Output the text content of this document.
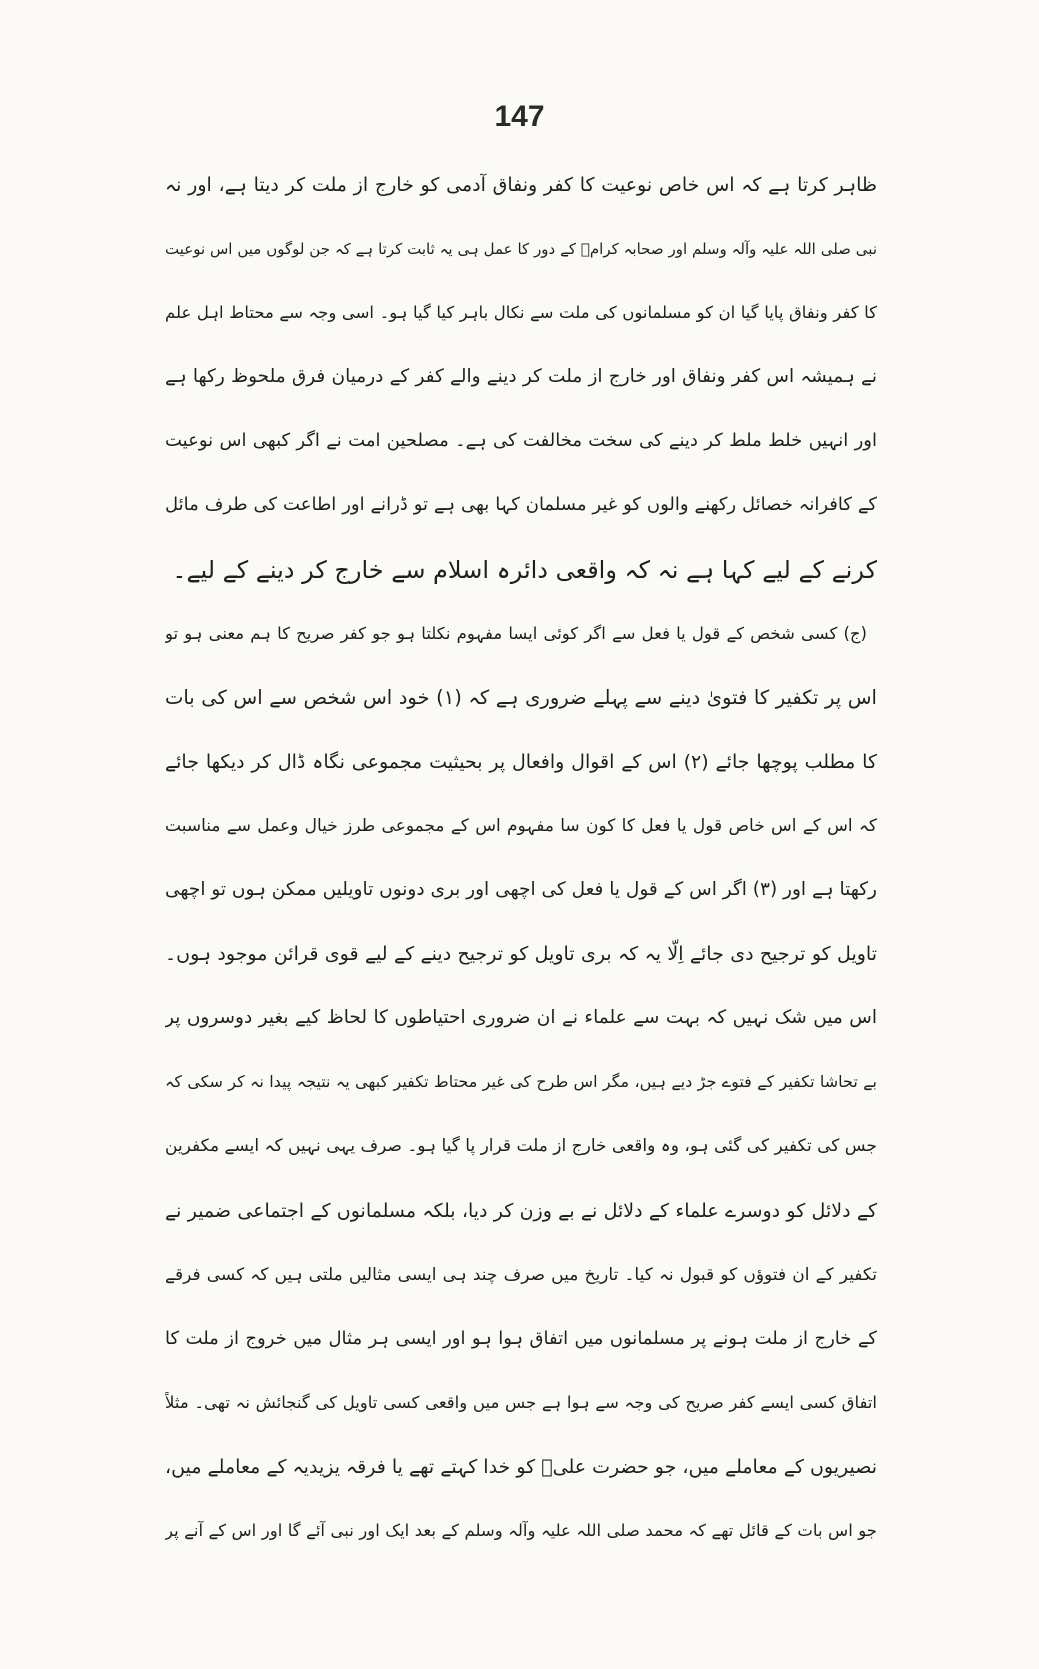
147
ظاہر کرتا ہے کہ اس خاص نوعیت کا کفر ونفاق آدمی کو خارج از ملت کر دیتا ہے، اور نہ
نبی صلی اللہ علیہ وآلہ وسلم اور صحابہ کرامؓ کے دور کا عمل ہی یہ ثابت کرتا ہے کہ جن لوگوں میں اس نوعیت
کا کفر ونفاق پایا گیا ان کو مسلمانوں کی ملت سے نکال باہر کیا گیا ہو۔ اسی وجہ سے محتاط اہل علم
نے ہمیشہ اس کفر ونفاق اور خارج از ملت کر دینے والے کفر کے درمیان فرق ملحوظ رکھا ہے
اور انہیں خلط ملط کر دینے کی سخت مخالفت کی ہے۔ مصلحین امت نے اگر کبھی اس نوعیت
کے کافرانہ خصائل رکھنے والوں کو غیر مسلمان کہا بھی ہے تو ڈرانے اور اطاعت کی طرف مائل
کرنے کے لیے کہا ہے نہ کہ واقعی دائرہ اسلام سے خارج کر دینے کے لیے۔
(ج) کسی شخص کے قول یا فعل سے اگر کوئی ایسا مفہوم نکلتا ہو جو کفر صریح کا ہم معنی ہو تو
اس پر تکفیر کا فتویٰ دینے سے پہلے ضروری ہے کہ (۱) خود اس شخص سے اس کی بات
کا مطلب پوچھا جائے (۲) اس کے اقوال وافعال پر بحیثیت مجموعی نگاہ ڈال کر دیکھا جائے
کہ اس کے اس خاص قول یا فعل کا کون سا مفہوم اس کے مجموعی طرز خیال وعمل سے مناسبت
رکھتا ہے اور (۳) اگر اس کے قول یا فعل کی اچھی اور بری دونوں تاویلیں ممکن ہوں تو اچھی
تاویل کو ترجیح دی جائے اِلّا یہ کہ بری تاویل کو ترجیح دینے کے لیے قوی قرائن موجود ہوں۔
اس میں شک نہیں کہ بہت سے علماء نے ان ضروری احتیاطوں کا لحاظ کیے بغیر دوسروں پر
بے تحاشا تکفیر کے فتوے جڑ دیے ہیں، مگر اس طرح کی غیر محتاط تکفیر کبھی یہ نتیجہ پیدا نہ کر سکی کہ
جس کی تکفیر کی گئی ہو، وہ واقعی خارج از ملت قرار پا گیا ہو۔ صرف یہی نہیں کہ ایسے مکفرین
کے دلائل کو دوسرے علماء کے دلائل نے بے وزن کر دیا، بلکہ مسلمانوں کے اجتماعی ضمیر نے
تکفیر کے ان فتوؤں کو قبول نہ کیا۔ تاریخ میں صرف چند ہی ایسی مثالیں ملتی ہیں کہ کسی فرقے
کے خارج از ملت ہونے پر مسلمانوں میں اتفاق ہوا ہو اور ایسی ہر مثال میں خروج از ملت کا
اتفاق کسی ایسے کفر صریح کی وجہ سے ہوا ہے جس میں واقعی کسی تاویل کی گنجائش نہ تھی۔ مثلاً
نصیریوں کے معاملے میں، جو حضرت علیؓ کو خدا کہتے تھے یا فرقہ یزیدیہ کے معاملے میں،
جو اس بات کے قائل تھے کہ محمد صلی اللہ علیہ وآلہ وسلم کے بعد ایک اور نبی آئے گا اور اس کے آنے پر
